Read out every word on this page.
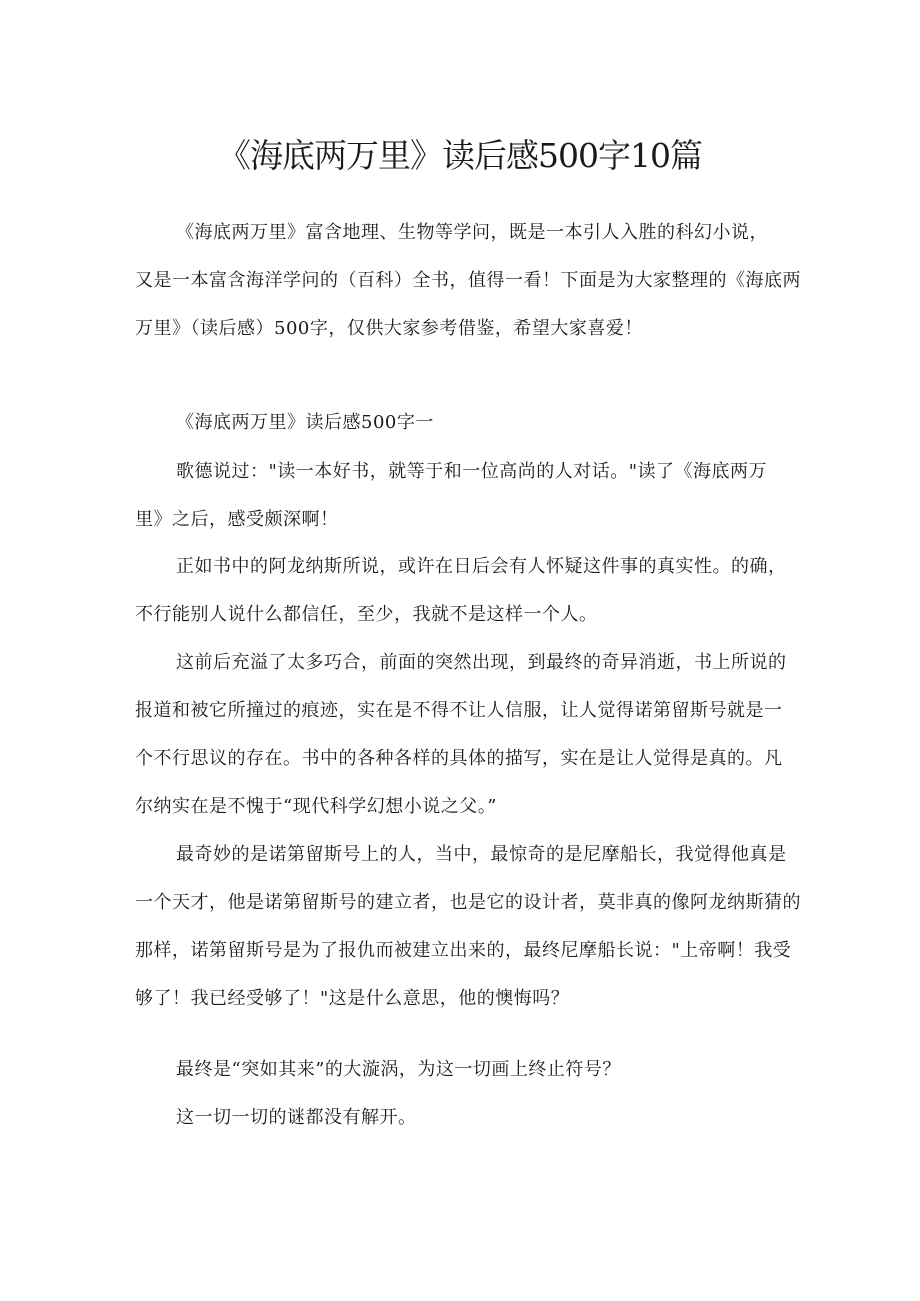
《海底两万里》读后感500字10篇
《海底两万里》富含地理、生物等学问，既是一本引人入胜的科幻小说，
又是一本富含海洋学问的（百科）全书，值得一看！下面是为大家整理的《海底两
万里》（读后感）500字，仅供大家参考借鉴，希望大家喜爱！
《海底两万里》读后感500字一
歌德说过："读一本好书，就等于和一位高尚的人对话。"读了《海底两万
里》之后，感受颇深啊！
正如书中的阿龙纳斯所说，或许在日后会有人怀疑这件事的真实性。的确，
不行能别人说什么都信任，至少，我就不是这样一个人。
这前后充溢了太多巧合，前面的突然出现，到最终的奇异消逝，书上所说的
报道和被它所撞过的痕迹，实在是不得不让人信服，让人觉得诺第留斯号就是一
个不行思议的存在。书中的各种各样的具体的描写，实在是让人觉得是真的。凡
尔纳实在是不愧于“现代科学幻想小说之父。”
最奇妙的是诺第留斯号上的人，当中，最惊奇的是尼摩船长，我觉得他真是
一个天才，他是诺第留斯号的建立者，也是它的设计者，莫非真的像阿龙纳斯猜的
那样，诺第留斯号是为了报仇而被建立出来的，最终尼摩船长说："上帝啊！我受
够了！我已经受够了！"这是什么意思，他的懊悔吗？
最终是“突如其来”的大漩涡，为这一切画上终止符号？
这一切一切的谜都没有解开。
